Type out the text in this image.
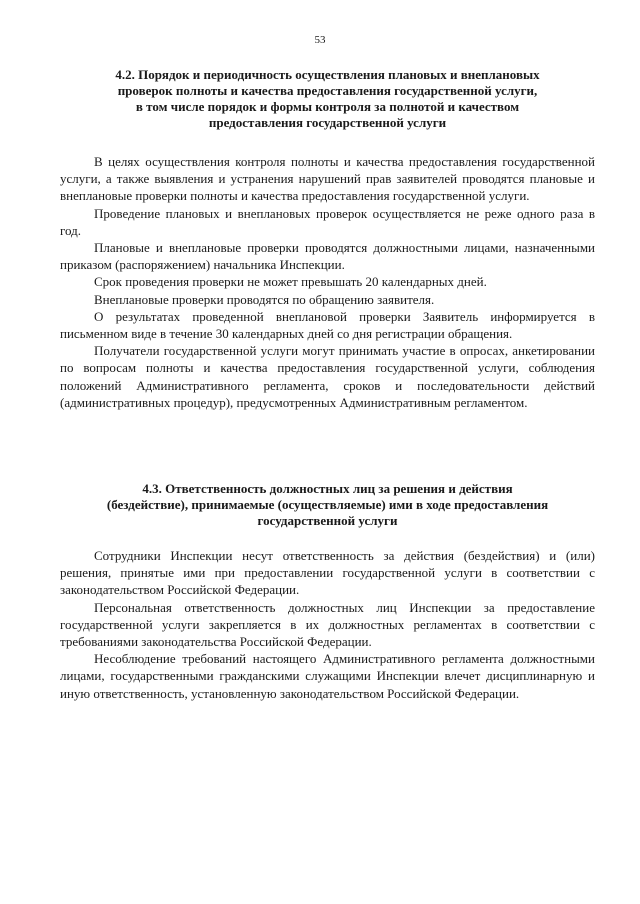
53
4.2. Порядок и периодичность осуществления плановых и внеплановых
проверок полноты и качества предоставления государственной услуги,
в том числе порядок и формы контроля за полнотой и качеством
предоставления государственной услуги

В целях осуществления контроля полноты и качества предоставления государственной услуги, а также выявления и устранения нарушений прав заявителей проводятся плановые и внеплановые проверки полноты и качества предоставления государственной услуги.

Проведение плановых и внеплановых проверок осуществляется не реже одного раза в год.

Плановые и внеплановые проверки проводятся должностными лицами, назначенными приказом (распоряжением) начальника Инспекции.

Срок проведения проверки не может превышать 20 календарных дней.

Внеплановые проверки проводятся по обращению заявителя.

О результатах проведенной внеплановой проверки Заявитель информируется в письменном виде в течение 30 календарных дней со дня регистрации обращения.

Получатели государственной услуги могут принимать участие в опросах, анкетировании по вопросам полноты и качества предоставления государственной услуги, соблюдения положений Административного регламента, сроков и последовательности действий (административных процедур), предусмотренных Административным регламентом.

4.3. Ответственность должностных лиц за решения и действия
(бездействие), принимаемые (осуществляемые) ими в ходе предоставления
государственной услуги

Сотрудники Инспекции несут ответственность за действия (бездействия) и (или) решения, принятые ими при предоставлении государственной услуги в соответствии с законодательством Российской Федерации.

Персональная ответственность должностных лиц Инспекции за предоставление государственной услуги закрепляется в их должностных регламентах в соответствии с требованиями законодательства Российской Федерации.

Несоблюдение требований настоящего Административного регламента должностными лицами, государственными гражданскими служащими Инспекции влечет дисциплинарную и иную ответственность, установленную законодательством Российской Федерации.
